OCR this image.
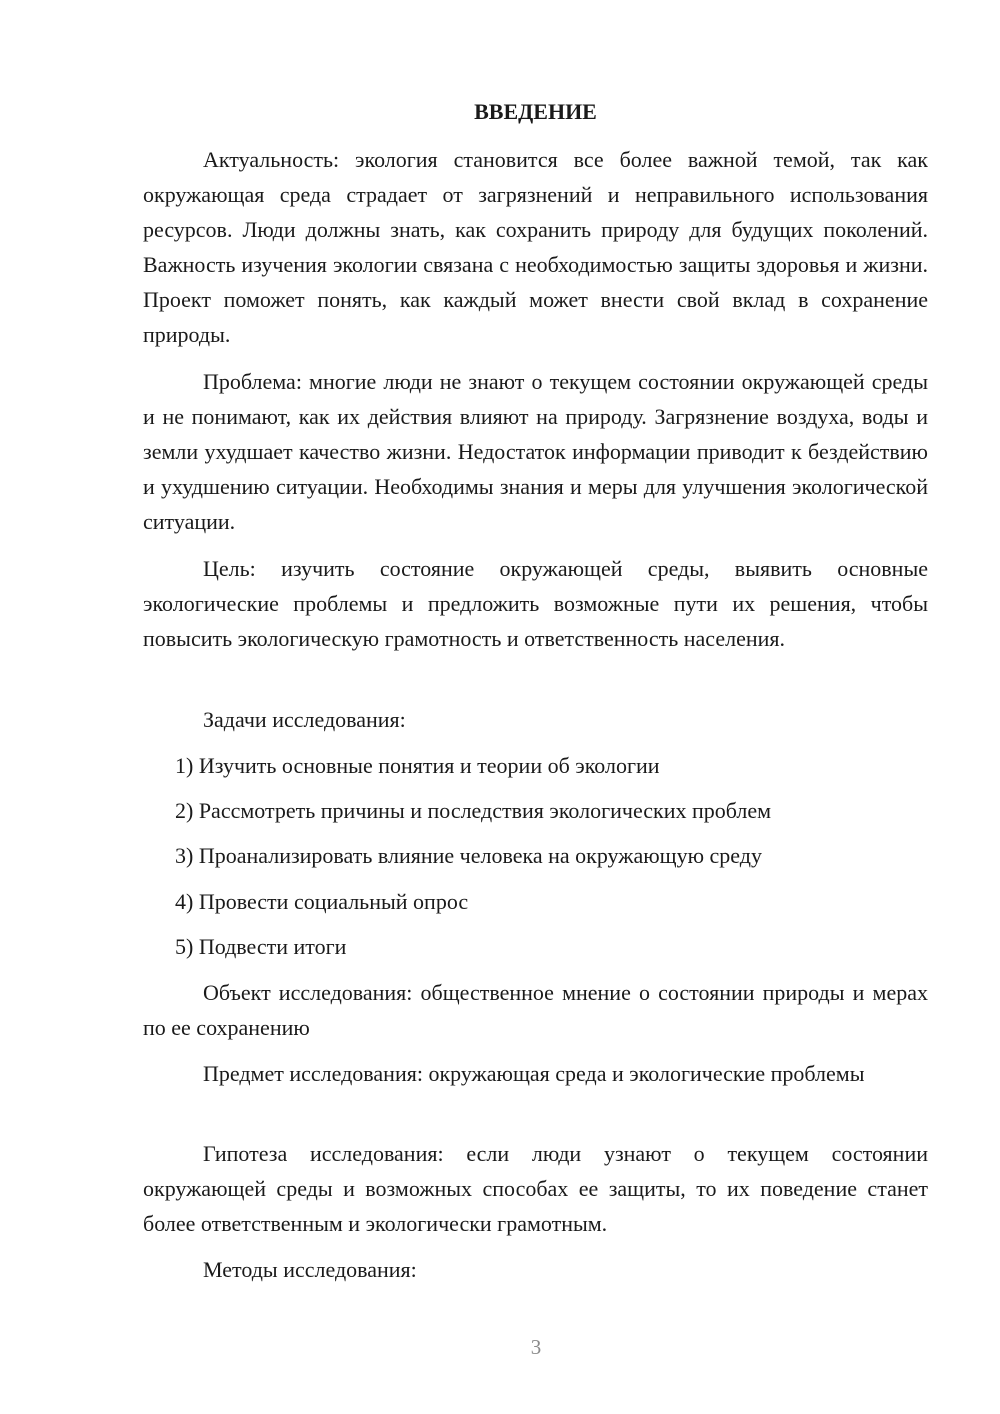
ВВЕДЕНИЕ

Актуальность: экология становится все более важной темой, так как окружающая среда страдает от загрязнений и неправильного использования ресурсов. Люди должны знать, как сохранить природу для будущих поколений. Важность изучения экологии связана с необходимостью защиты здоровья и жизни. Проект поможет понять, как каждый может внести свой вклад в сохранение природы.

Проблема: многие люди не знают о текущем состоянии окружающей среды и не понимают, как их действия влияют на природу. Загрязнение воздуха, воды и земли ухудшает качество жизни. Недостаток информации приводит к бездействию и ухудшению ситуации. Необходимы знания и меры для улучшения экологической ситуации.

Цель: изучить состояние окружающей среды, выявить основные экологические проблемы и предложить возможные пути их решения, чтобы повысить экологическую грамотность и ответственность населения.

Задачи исследования:
1) Изучить основные понятия и теории об экологии
2) Рассмотреть причины и последствия экологических проблем
3) Проанализировать влияние человека на окружающую среду
4) Провести социальный опрос
5) Подвести итоги

Объект исследования: общественное мнение о состоянии природы и мерах по ее сохранению

Предмет исследования: окружающая среда и экологические проблемы

Гипотеза исследования: если люди узнают о текущем состоянии окружающей среды и возможных способах ее защиты, то их поведение станет более ответственным и экологически грамотным.

Методы исследования:
3
